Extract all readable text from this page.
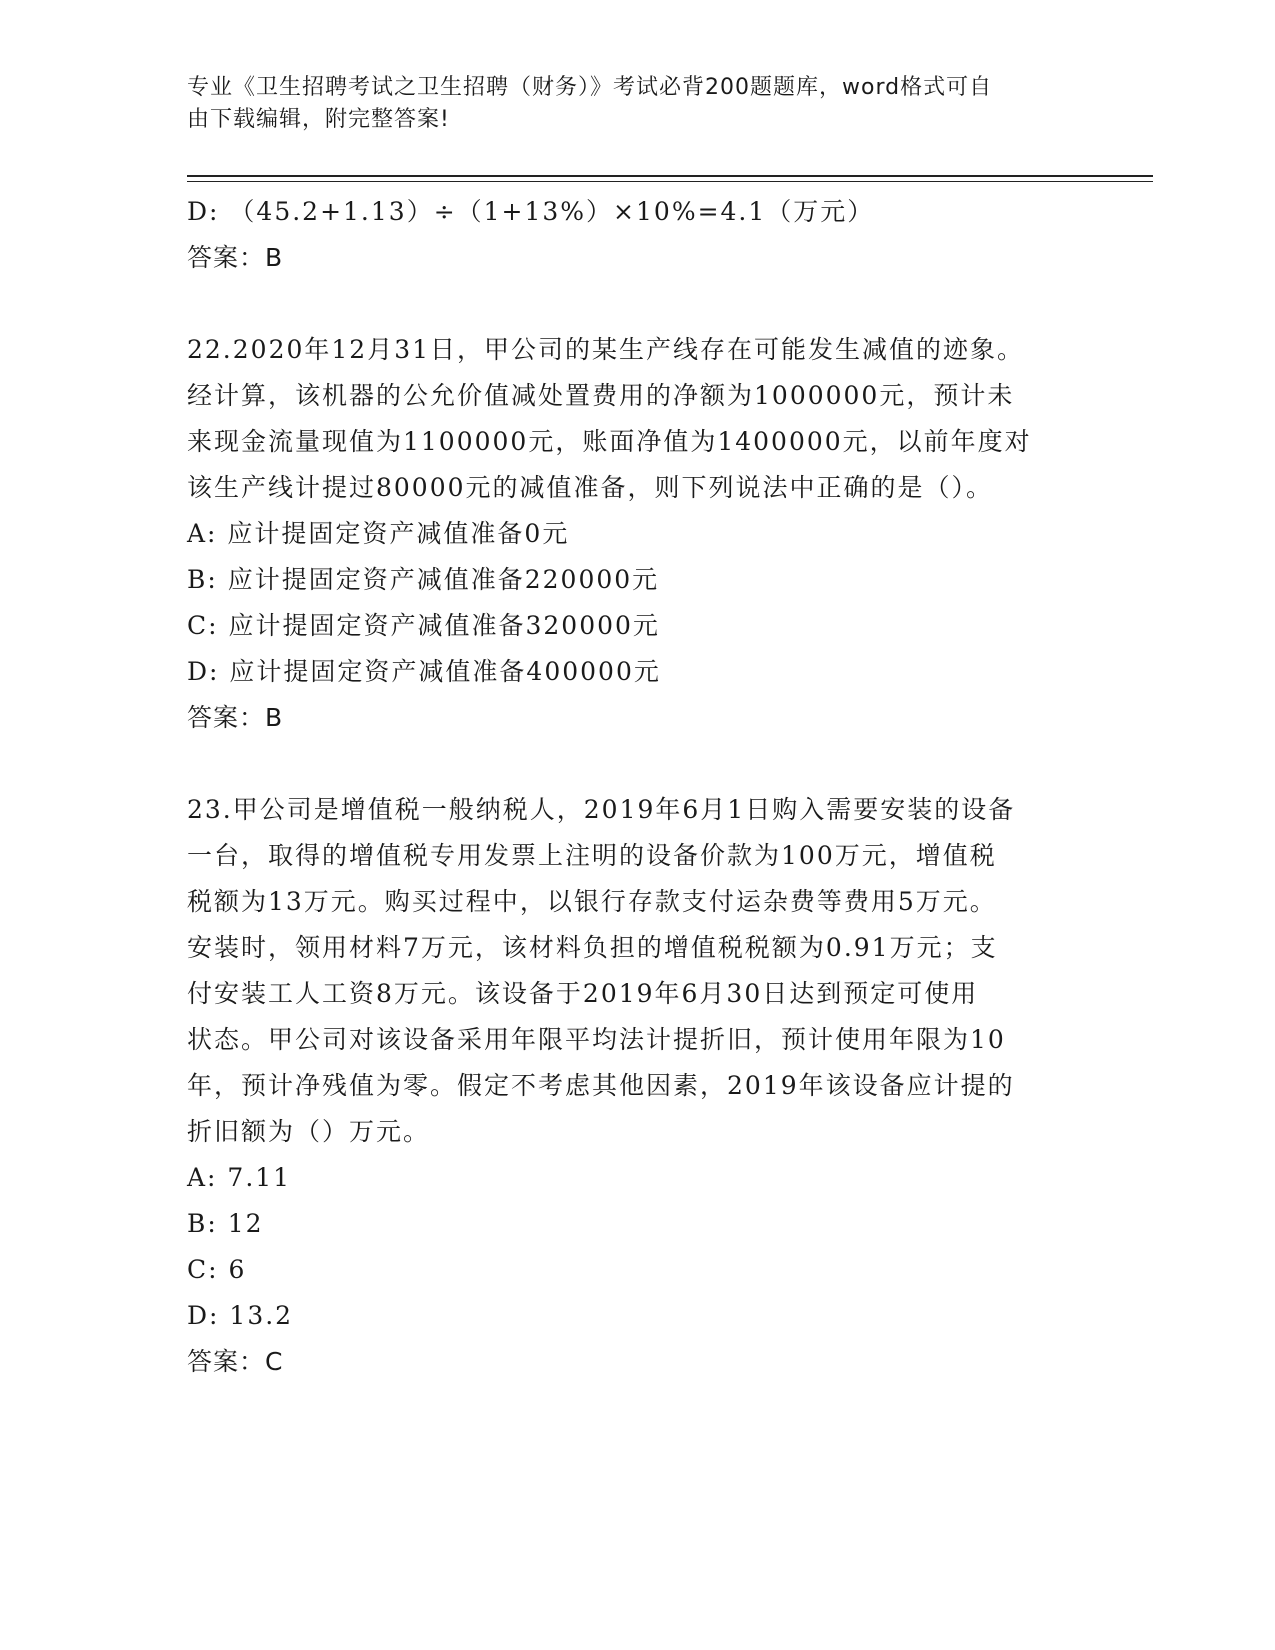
专业《卫生招聘考试之卫生招聘（财务）》考试必背200题题库，word格式可自
由下载编辑，附完整答案!
D: （45.2+1.13）÷（1+13%）×10%=4.1（万元）
答案：B
22.2020年12月31日，甲公司的某生产线存在可能发生减值的迹象。
经计算，该机器的公允价值减处置费用的净额为1000000元，预计未
来现金流量现值为1100000元，账面净值为1400000元，以前年度对
该生产线计提过80000元的减值准备，则下列说法中正确的是（）。
A: 应计提固定资产减值准备0元
B: 应计提固定资产减值准备220000元
C: 应计提固定资产减值准备320000元
D: 应计提固定资产减值准备400000元
答案：B
23.甲公司是增值税一般纳税人，2019年6月1日购入需要安装的设备
一台，取得的增值税专用发票上注明的设备价款为100万元，增值税
税额为13万元。购买过程中，以银行存款支付运杂费等费用5万元。
安装时，领用材料7万元，该材料负担的增值税税额为0.91万元；支
付安装工人工资8万元。该设备于2019年6月30日达到预定可使用
状态。甲公司对该设备采用年限平均法计提折旧，预计使用年限为10
年，预计净残值为零。假定不考虑其他因素，2019年该设备应计提的
折旧额为（）万元。
A: 7.11
B: 12
C: 6
D: 13.2
答案：C
